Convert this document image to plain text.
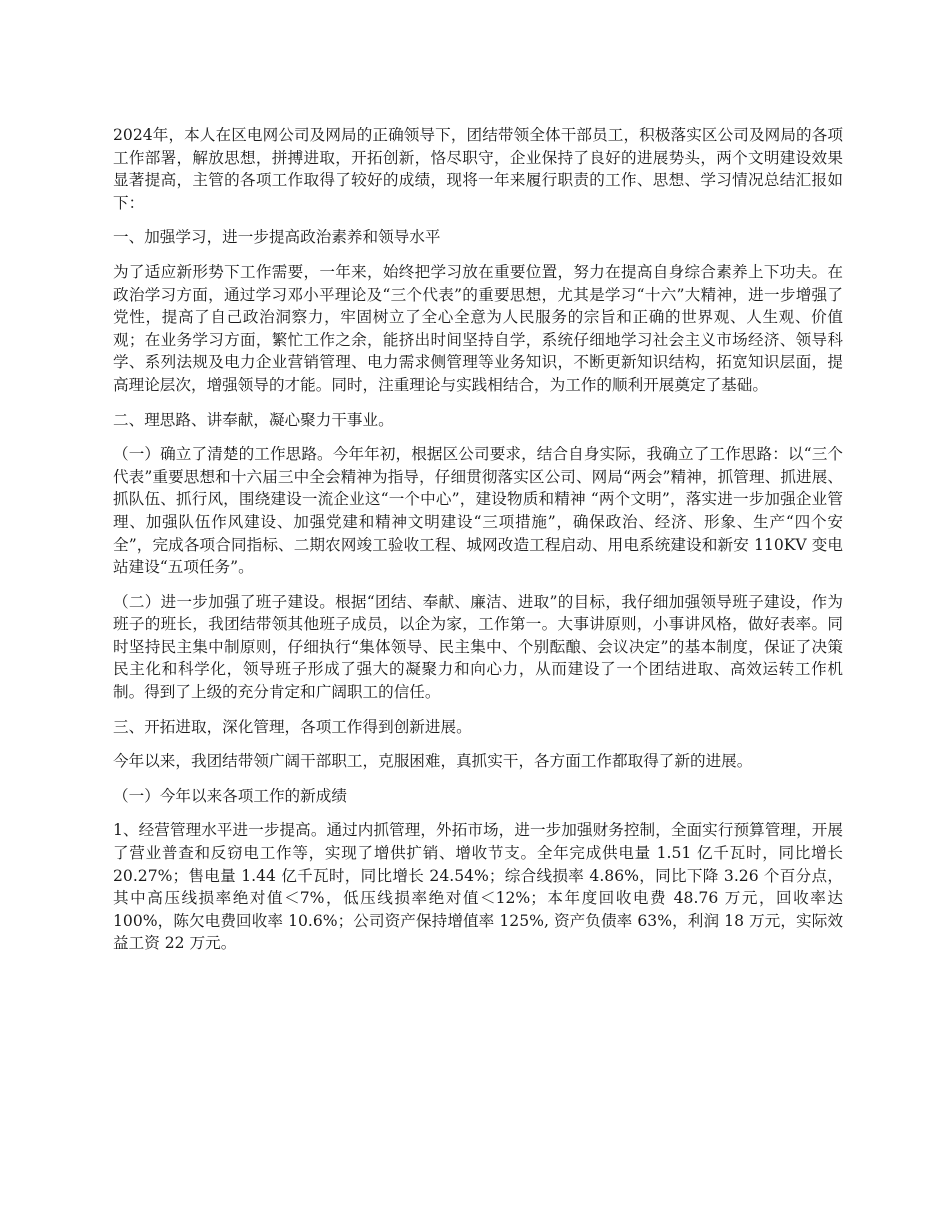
2024年，本人在区电网公司及网局的正确领导下，团结带领全体干部员工，积极落实区公司及网局的各项工作部署，解放思想，拼搏进取，开拓创新，恪尽职守，企业保持了良好的进展势头，两个文明建设效果显著提高，主管的各项工作取得了较好的成绩，现将一年来履行职责的工作、思想、学习情况总结汇报如下：

一、加强学习，进一步提高政治素养和领导水平

为了适应新形势下工作需要，一年来，始终把学习放在重要位置，努力在提高自身综合素养上下功夫。在政治学习方面，通过学习邓小平理论及“三个代表”的重要思想，尤其是学习“十六”大精神，进一步增强了党性，提高了自己政治洞察力，牢固树立了全心全意为人民服务的宗旨和正确的世界观、人生观、价值观；在业务学习方面，繁忙工作之余，能挤出时间坚持自学，系统仔细地学习社会主义市场经济、领导科学、系列法规及电力企业营销管理、电力需求侧管理等业务知识，不断更新知识结构，拓宽知识层面，提高理论层次，增强领导的才能。同时，注重理论与实践相结合，为工作的顺利开展奠定了基础。

二、理思路、讲奉献，凝心聚力干事业。

（一）确立了清楚的工作思路。今年年初，根据区公司要求，结合自身实际，我确立了工作思路：以“三个代表”重要思想和十六届三中全会精神为指导，仔细贯彻落实区公司、网局“两会”精神，抓管理、抓进展、抓队伍、抓行风，围绕建设一流企业这“一个中心”，建设物质和精神 “两个文明”，落实进一步加强企业管理、加强队伍作风建设、加强党建和精神文明建设“三项措施”，确保政治、经济、形象、生产“四个安全”，完成各项合同指标、二期农网竣工验收工程、城网改造工程启动、用电系统建设和新安 110KV 变电站建设“五项任务”。

（二）进一步加强了班子建设。根据“团结、奉献、廉洁、进取”的目标，我仔细加强领导班子建设，作为班子的班长，我团结带领其他班子成员，以企为家，工作第一。大事讲原则，小事讲风格，做好表率。同时坚持民主集中制原则，仔细执行“集体领导、民主集中、个别酝酿、会议决定”的基本制度，保证了决策民主化和科学化，领导班子形成了强大的凝聚力和向心力，从而建设了一个团结进取、高效运转工作机制。得到了上级的充分肯定和广阔职工的信任。

三、开拓进取，深化管理，各项工作得到创新进展。

今年以来，我团结带领广阔干部职工，克服困难，真抓实干，各方面工作都取得了新的进展。

（一）今年以来各项工作的新成绩

1、经营管理水平进一步提高。通过内抓管理，外拓市场，进一步加强财务控制，全面实行预算管理，开展了营业普查和反窃电工作等，实现了增供扩销、增收节支。全年完成供电量 1.51 亿千瓦时，同比增长 20.27%；售电量 1.44 亿千瓦时，同比增长 24.54%；综合线损率 4.86%，同比下降 3.26 个百分点，其中高压线损率绝对值＜7%，低压线损率绝对值＜12%；本年度回收电费 48.76 万元，回收率达 100%，陈欠电费回收率 10.6%；公司资产保持增值率 125%, 资产负债率 63%，利润 18 万元，实际效益工资 22 万元。
